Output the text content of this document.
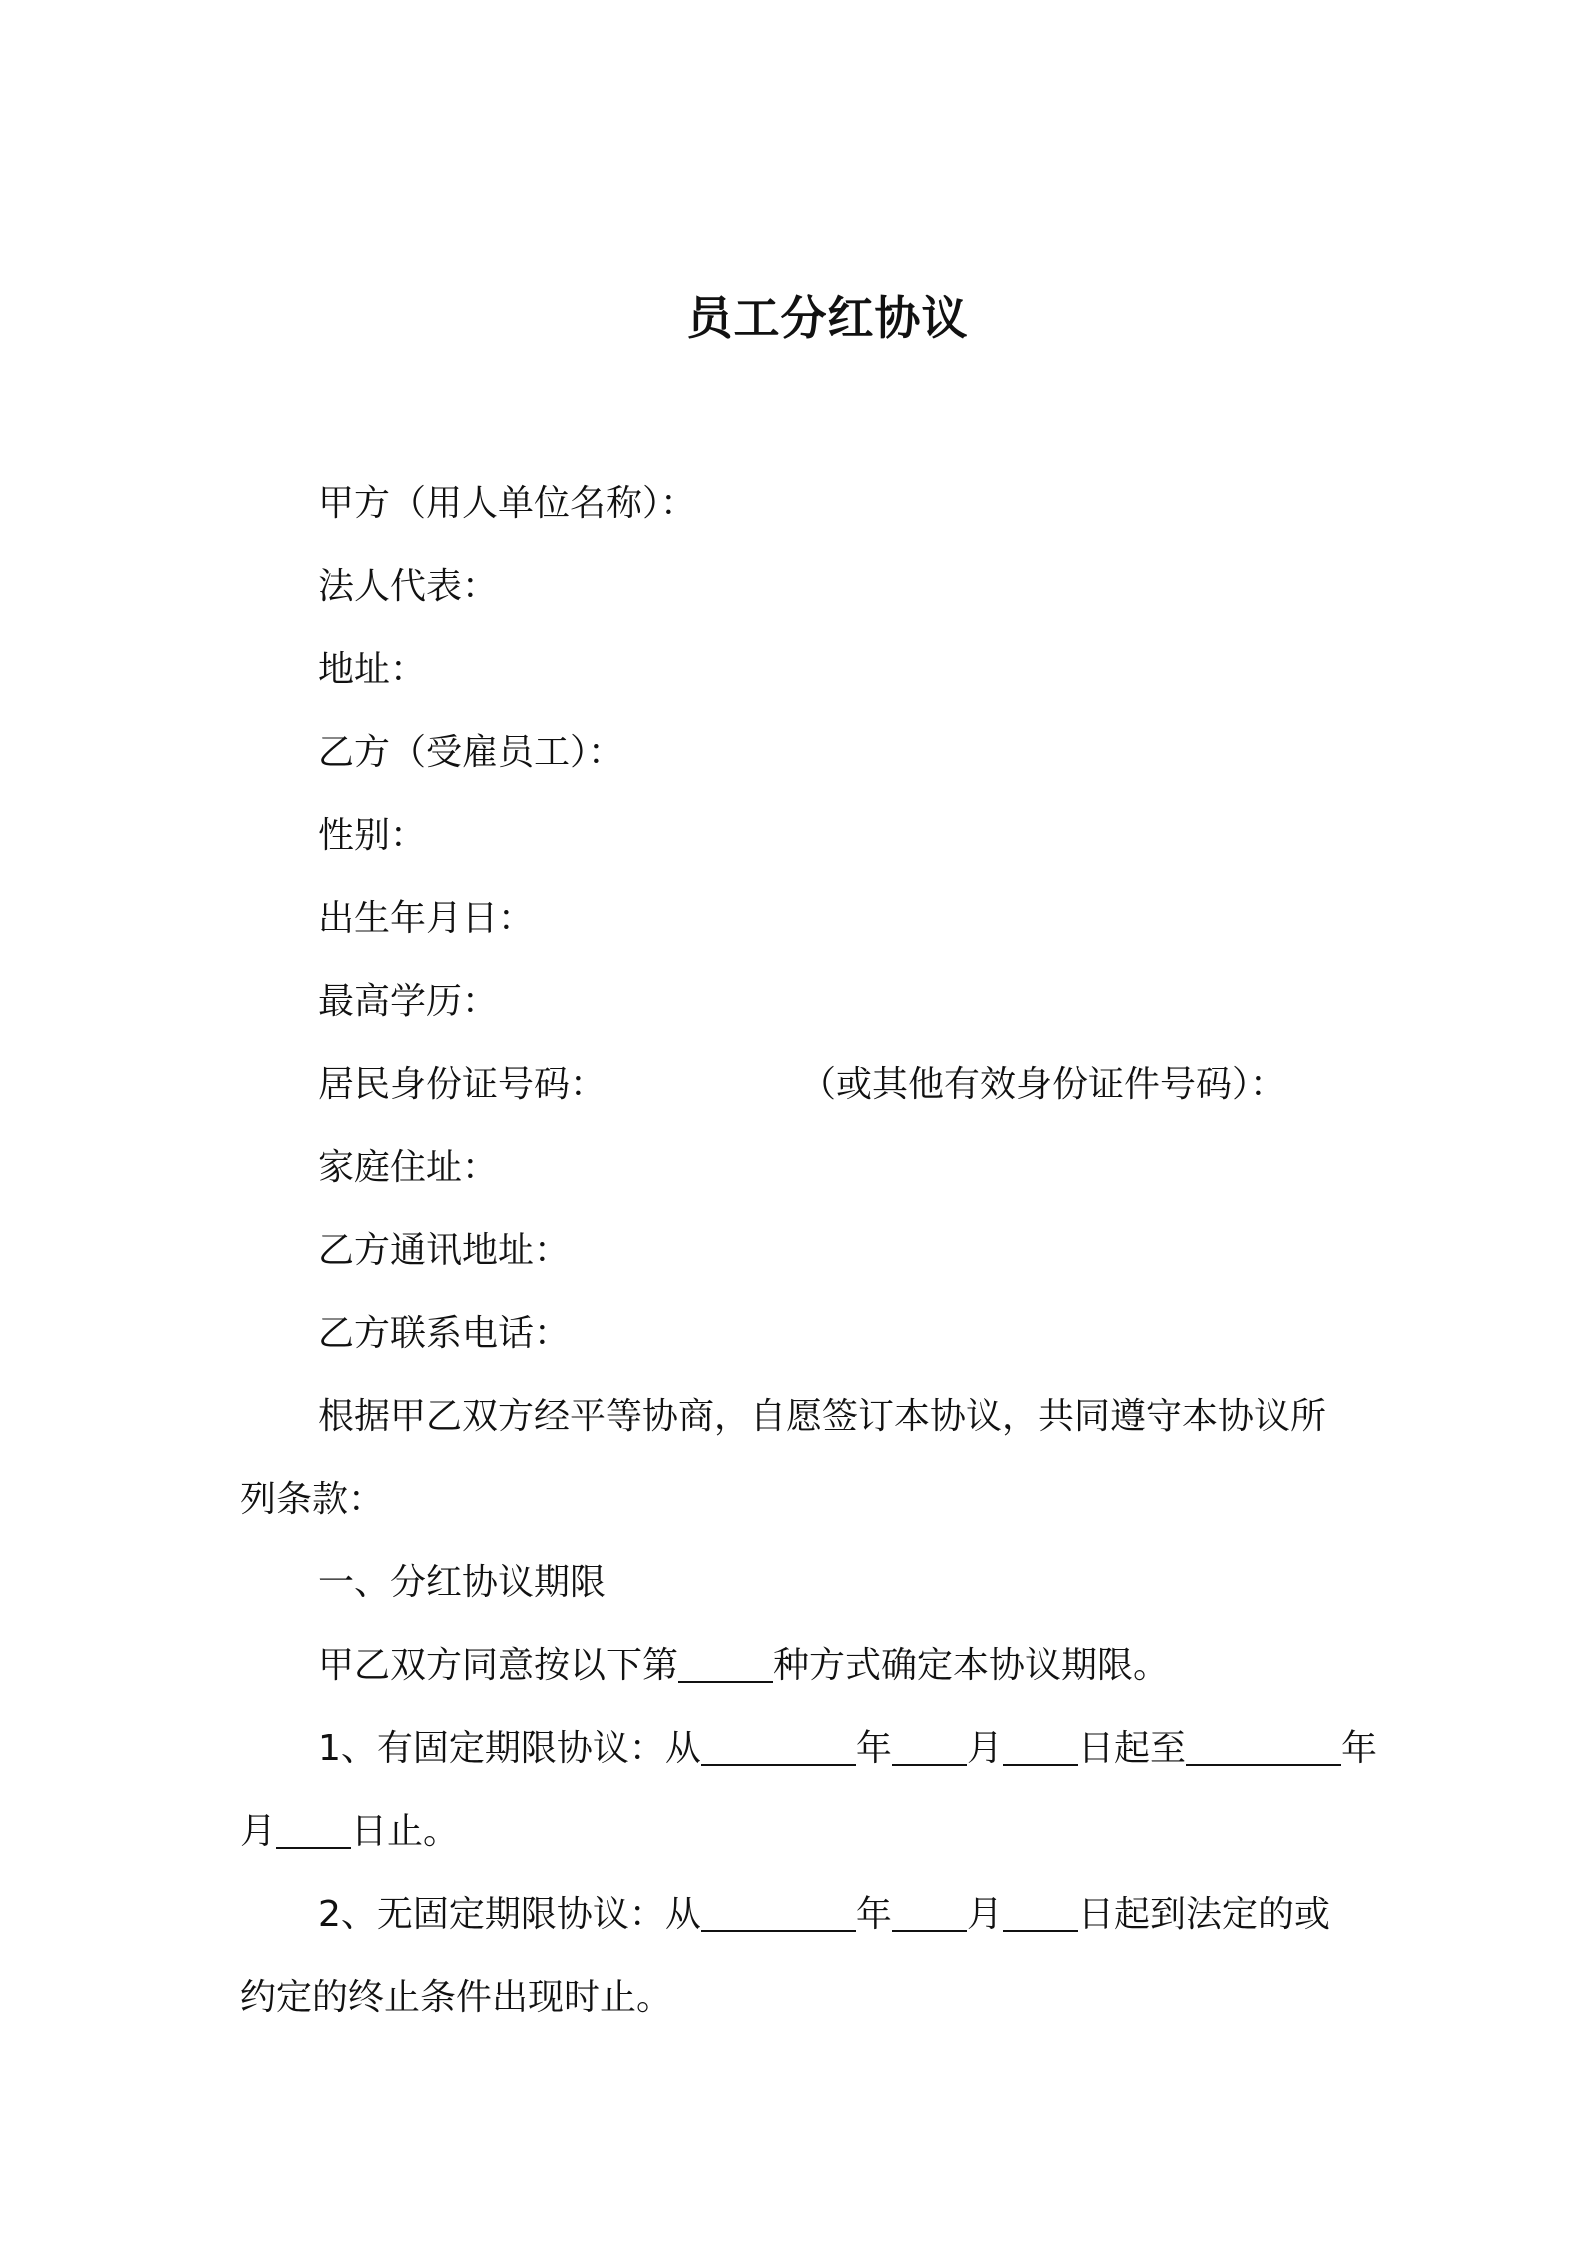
员工分红协议
甲方（用人单位名称）：
法人代表：
地址：
乙方（受雇员工）：
性别：
出生年月日：
最高学历：
居民身份证号码：	（或其他有效身份证件号码）：
家庭住址：
乙方通讯地址：
乙方联系电话：
根据甲乙双方经平等协商，自愿签订本协议，共同遵守本协议所
列条款：
一、分红协议期限
甲乙双方同意按以下第	种方式确定本协议期限。
1、有固定期限协议：从	年 月 日起至	年
月 日止。
2、无固定期限协议：从	年 月 日起到法定的或
约定的终止条件出现时止。
